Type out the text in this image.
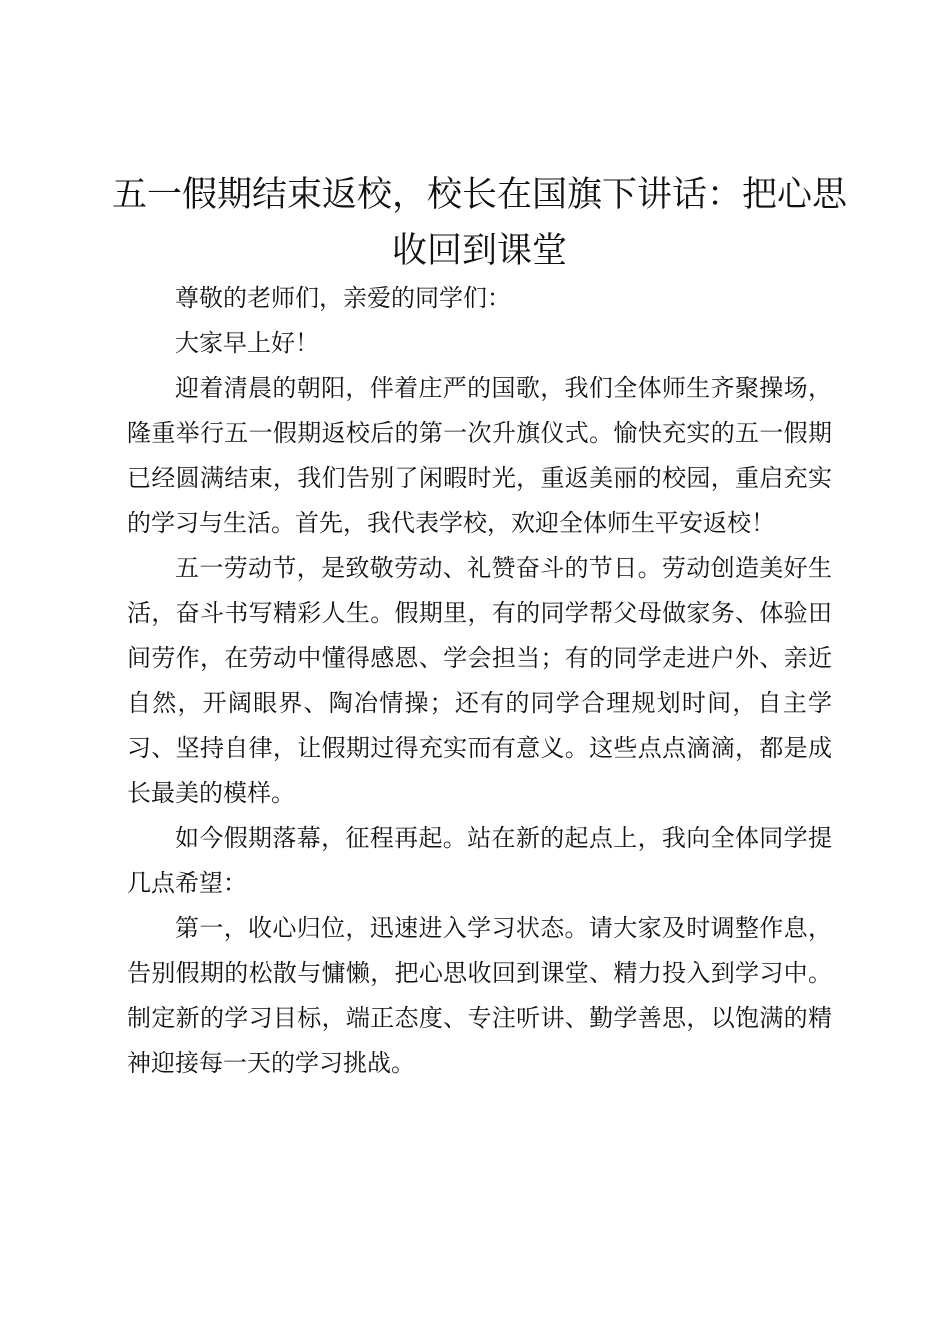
五一假期结束返校，校长在国旗下讲话：把心思收回到课堂

尊敬的老师们，亲爱的同学们：

大家早上好！

迎着清晨的朝阳，伴着庄严的国歌，我们全体师生齐聚操场，隆重举行五一假期返校后的第一次升旗仪式。愉快充实的五一假期已经圆满结束，我们告别了闲暇时光，重返美丽的校园，重启充实的学习与生活。首先，我代表学校，欢迎全体师生平安返校！

五一劳动节，是致敬劳动、礼赞奋斗的节日。劳动创造美好生活，奋斗书写精彩人生。假期里，有的同学帮父母做家务、体验田间劳作，在劳动中懂得感恩、学会担当；有的同学走进户外、亲近自然，开阔眼界、陶冶情操；还有的同学合理规划时间，自主学习、坚持自律，让假期过得充实而有意义。这些点点滴滴，都是成长最美的模样。

如今假期落幕，征程再起。站在新的起点上，我向全体同学提几点希望：

第一，收心归位，迅速进入学习状态。请大家及时调整作息，告别假期的松散与慵懒，把心思收回到课堂、精力投入到学习中。制定新的学习目标，端正态度、专注听讲、勤学善思，以饱满的精神迎接每一天的学习挑战。
